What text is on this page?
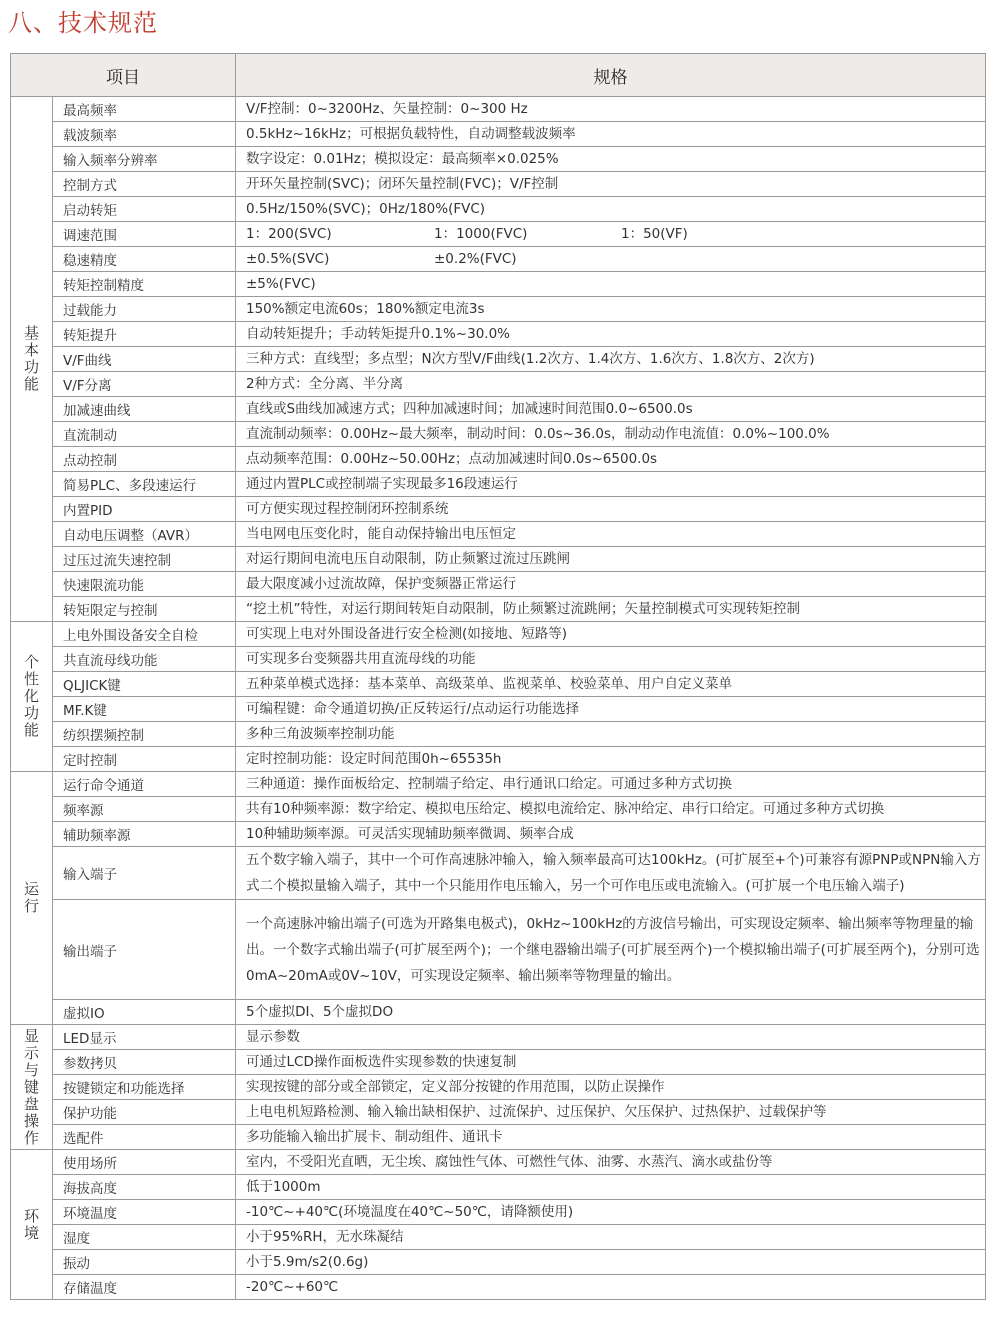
八、技术规范
项目		规格
基本功能	最高频率	V/F控制：0~3200Hz、矢量控制：0~300 Hz
	载波频率	0.5kHz~16kHz；可根据负载特性，自动调整载波频率
	输入频率分辨率	数字设定：0.01Hz；模拟设定：最高频率×0.025%
	控制方式	开环矢量控制(SVC)；闭环矢量控制(FVC)；V/F控制
	启动转矩	0.5Hz/150%(SVC)；0Hz/180%(FVC)
	调速范围	1：200(SVC) 1：1000(FVC) 1：50(VF)
	稳速精度	±0.5%(SVC) ±0.2%(FVC)
	转矩控制精度	±5%(FVC)
	过载能力	150%额定电流60s；180%额定电流3s
	转矩提升	自动转矩提升；手动转矩提升0.1%~30.0%
	V/F曲线	三种方式：直线型；多点型；N次方型V/F曲线(1.2次方、1.4次方、1.6次方、1.8次方、2次方)
	V/F分离	2种方式：全分离、半分离
	加减速曲线	直线或S曲线加减速方式；四种加减速时间；加减速时间范围0.0~6500.0s
	直流制动	直流制动频率：0.00Hz~最大频率，制动时间：0.0s~36.0s，制动动作电流值：0.0%~100.0%
	点动控制	点动频率范围：0.00Hz~50.00Hz；点动加减速时间0.0s~6500.0s
	简易PLC、多段速运行	通过内置PLC或控制端子实现最多16段速运行
	内置PID	可方便实现过程控制闭环控制系统
	自动电压调整（AVR）	当电网电压变化时，能自动保持输出电压恒定
	过压过流失速控制	对运行期间电流电压自动限制，防止频繁过流过压跳闸
	快速限流功能	最大限度减小过流故障，保护变频器正常运行
	转矩限定与控制	“挖土机”特性，对运行期间转矩自动限制，防止频繁过流跳闸；矢量控制模式可实现转矩控制
个性化功能	上电外围设备安全自检	可实现上电对外围设备进行安全检测(如接地、短路等)
	共直流母线功能	可实现多台变频器共用直流母线的功能
	QLJICK键	五种菜单模式选择：基本菜单、高级菜单、监视菜单、校验菜单、用户自定义菜单
	MF.K键	可编程键：命令通道切换/正反转运行/点动运行功能选择
	纺织摆频控制	多种三角波频率控制功能
	定时控制	定时控制功能：设定时间范围0h~65535h
运行	运行命令通道	三种通道：操作面板给定、控制端子给定、串行通讯口给定。可通过多种方式切换
	频率源	共有10种频率源：数字给定、模拟电压给定、模拟电流给定、脉冲给定、串行口给定。可通过多种方式切换
	辅助频率源	10种辅助频率源。可灵活实现辅助频率微调、频率合成
	输入端子	五个数字输入端子，其中一个可作高速脉冲输入，输入频率最高可达100kHz。(可扩展至+个)可兼容有源PNP或NPN输入方式二个模拟量输入端子，其中一个只能用作电压输入，另一个可作电压或电流输入。(可扩展一个电压输入端子)
	输出端子	一个高速脉冲输出端子(可选为开路集电极式)，0kHz~100kHz的方波信号输出，可实现设定频率、输出频率等物理量的输出。一个数字式输出端子(可扩展至两个)；一个继电器输出端子(可扩展至两个)一个模拟输出端子(可扩展至两个)，分别可选0mA~20mA或0V~10V，可实现设定频率、输出频率等物理量的输出。
	虚拟IO	5个虚拟DI、5个虚拟DO
显示与键盘操作	LED显示	显示参数
	参数拷贝	可通过LCD操作面板选件实现参数的快速复制
	按键锁定和功能选择	实现按键的部分或全部锁定，定义部分按键的作用范围，以防止误操作
	保护功能	上电电机短路检测、输入输出缺相保护、过流保护、过压保护、欠压保护、过热保护、过载保护等
	选配件	多功能输入输出扩展卡、制动组件、通讯卡
环境	使用场所	室内，不受阳光直晒，无尘埃、腐蚀性气体、可燃性气体、油雾、水蒸汽、滴水或盐份等
	海拔高度	低于1000m
	环境温度	-10℃~+40℃(环境温度在40℃~50℃，请降额使用)
	湿度	小于95%RH，无水珠凝结
	振动	小于5.9m/s2(0.6g)
	存储温度	-20℃~+60℃
